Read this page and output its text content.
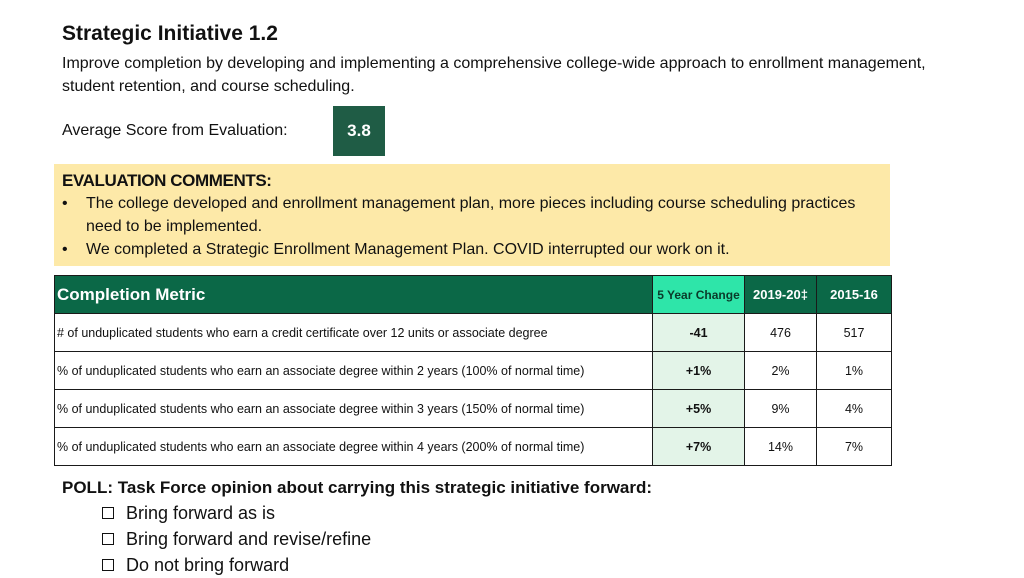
Strategic Initiative 1.2
Improve completion by developing and implementing a comprehensive college-wide approach to enrollment management, student retention, and course scheduling.
Average Score from Evaluation:	3.8
EVALUATION COMMENTS:
• The college developed and enrollment management plan, more pieces including course scheduling practices need to be implemented.
• We completed a Strategic Enrollment Management Plan. COVID interrupted our work on it.
Completion Metric	5 Year Change	2019-20‡	2015-16
# of unduplicated students who earn a credit certificate over 12 units or associate degree	-41	476	517
% of unduplicated students who earn an associate degree within 2 years (100% of normal time)	+1%	2%	1%
% of unduplicated students who earn an associate degree within 3 years (150% of normal time)	+5%	9%	4%
% of unduplicated students who earn an associate degree within 4 years (200% of normal time)	+7%	14%	7%
POLL: Task Force opinion about carrying this strategic initiative forward:
Bring forward as is
Bring forward and revise/refine
Do not bring forward
